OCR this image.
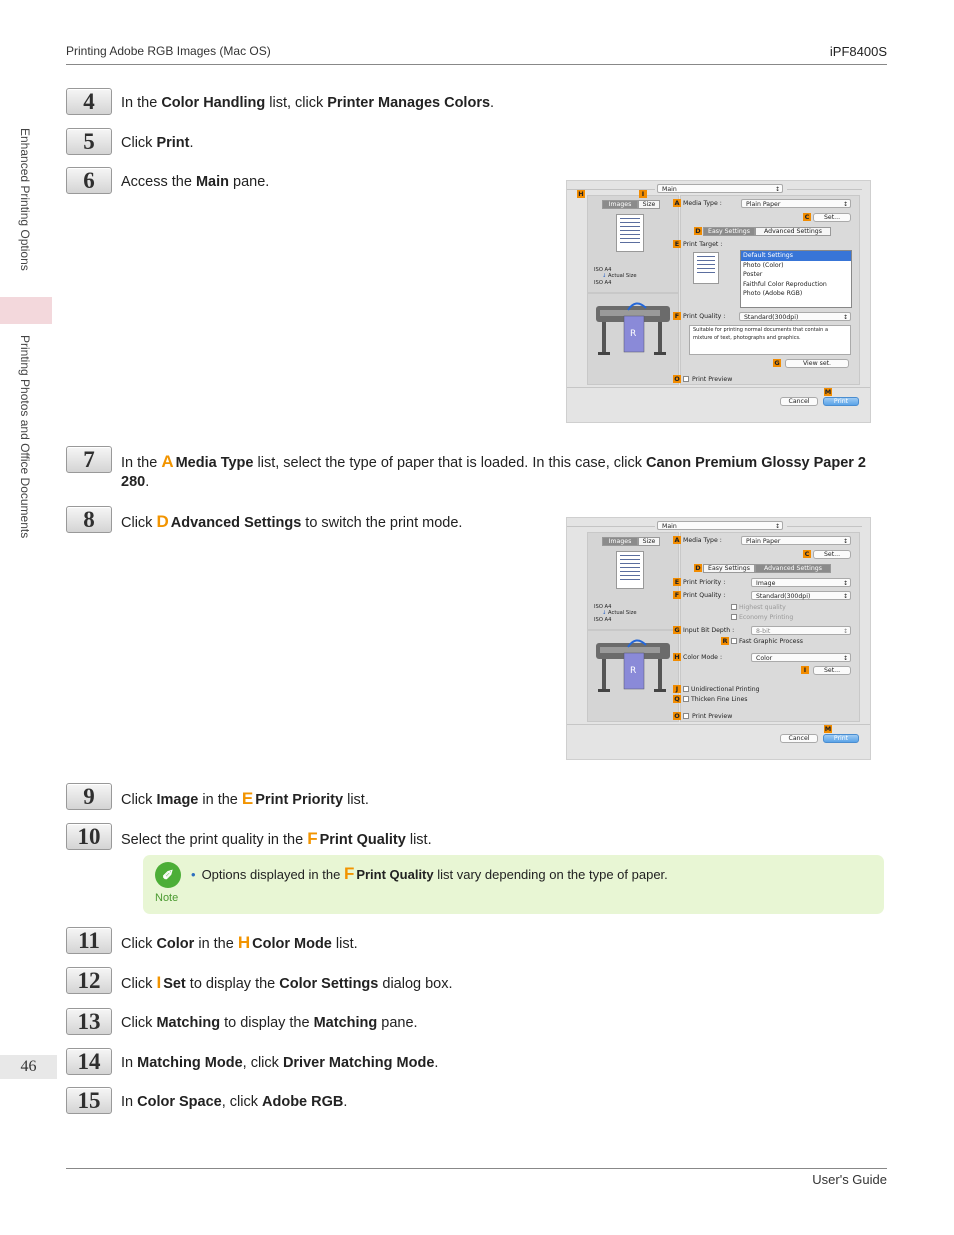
Printing Adobe RGB Images (Mac OS)	iPF8400S
Enhanced Printing Options
Printing Photos and Office Documents
46
User's Guide
4	In the Color Handling list, click Printer Manages Colors.
5	Click Print.
6	Access the Main pane.	Main ↕
Images	Size
ISO A4
↓ Actual Size
ISO A4
R
H	I
A Media Type :	Plain Paper ↕
C	Set...
D	Easy Settings	Advanced Settings
E Print Target :
Default Settings
Photo (Color)
Poster
Faithful Color Reproduction
Photo (Adobe RGB)
F Print Quality :	Standard(300dpi) ↕
Suitable for printing normal documents that contain a mixture of text, photographs and graphics.
G	View set.
O Print Preview
M
Cancel	Print
7	In the A Media Type list, select the type of paper that is loaded. In this case, click Canon Premium Glossy Paper 2 280.
8	Click D Advanced Settings to switch the print mode.	Main ↕
Images	Size
ISO A4
↓ Actual Size
ISO A4
R
A Media Type :	Plain Paper ↕
C	Set...
D	Easy Settings	Advanced Settings
E Print Priority :	Image ↕
F Print Quality :	Standard(300dpi) ↕
Highest quality
Economy Printing
G Input Bit Depth :	8-bit ↕
R Fast Graphic Process
H Color Mode :	Color ↕
I	Set...
J	Unidirectional Printing
Q Thicken Fine Lines
O Print Preview
M
Cancel	Print
9	Click Image in the E Print Priority list.
10	Select the print quality in the F Print Quality list.
✐
Note
• Options displayed in the F Print Quality list vary depending on the type of paper.
11	Click Color in the H Color Mode list.
12	Click I Set to display the Color Settings dialog box.
13	Click Matching to display the Matching pane.
14	In Matching Mode, click Driver Matching Mode.
15	In Color Space, click Adobe RGB.
